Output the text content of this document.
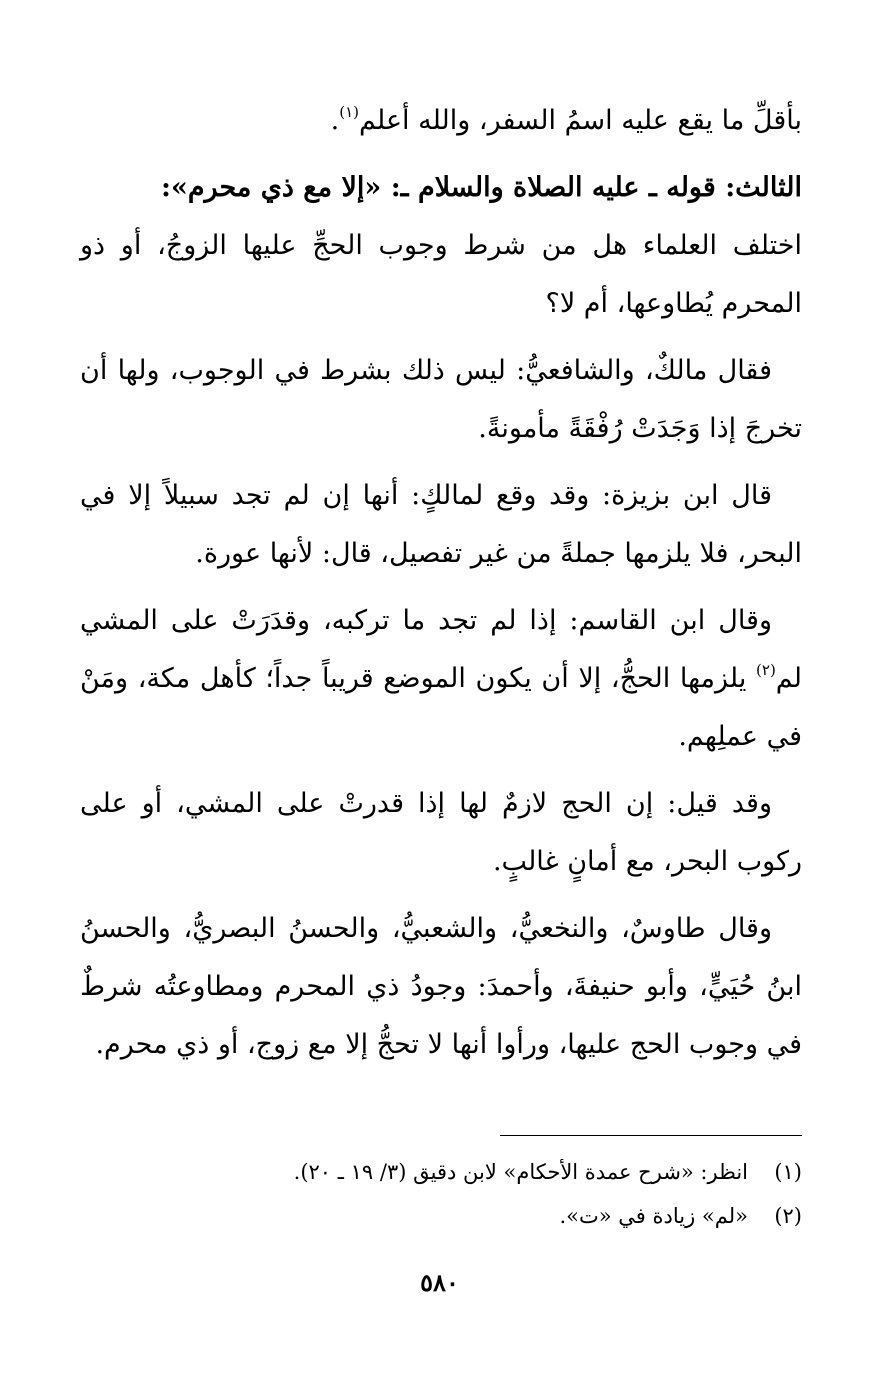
بأقلِّ ما يقع عليه اسمُ السفر، والله أعلم$^{(١)}$.

الثالث: قوله ـ عليه الصلاة والسلام ـ: «إلا مع ذي محرم»:
اختلف العلماء هل من شرط وجوب الحجِّ عليها الزوجُ، أو ذو المحرم يُطاوعها، أم لا؟

فقال مالكٌ، والشافعيُّ: ليس ذلك بشرط في الوجوب، ولها أن تخرجَ إذا وَجَدَتْ رُفْقَةً مأمونةً.

قال ابن بزيزة: وقد وقع لمالكٍ: أنها إن لم تجد سبيلاً إلا في البحر، فلا يلزمها جملةً من غير تفصيل، قال: لأنها عورة.

وقال ابن القاسم: إذا لم تجد ما تركبه، وقدَرَتْ على المشي لم$^{(٢)}$ يلزمها الحجُّ، إلا أن يكون الموضع قريباً جداً؛ كأهل مكة، ومَنْ في عملِهم.

وقد قيل: إن الحج لازمٌ لها إذا قدرتْ على المشي، أو على ركوب البحر، مع أمانٍ غالبٍ.

وقال طاوسٌ، والنخعيُّ، والشعبيُّ، والحسنُ البصريُّ، والحسنُ ابنُ حُيَيٍّ، وأبو حنيفةَ، وأحمدَ: وجودُ ذي المحرم ومطاوعتُه شرطٌ في وجوب الحج عليها، ورأوا أنها لا تحجُّ إلا مع زوج، أو ذي محرم.

(١)انظر: «شرح عمدة الأحكام» لابن دقيق (٣/ ١٩ ـ ٢٠).

(٢)«لم» زيادة في «ت».

٥٨٠
